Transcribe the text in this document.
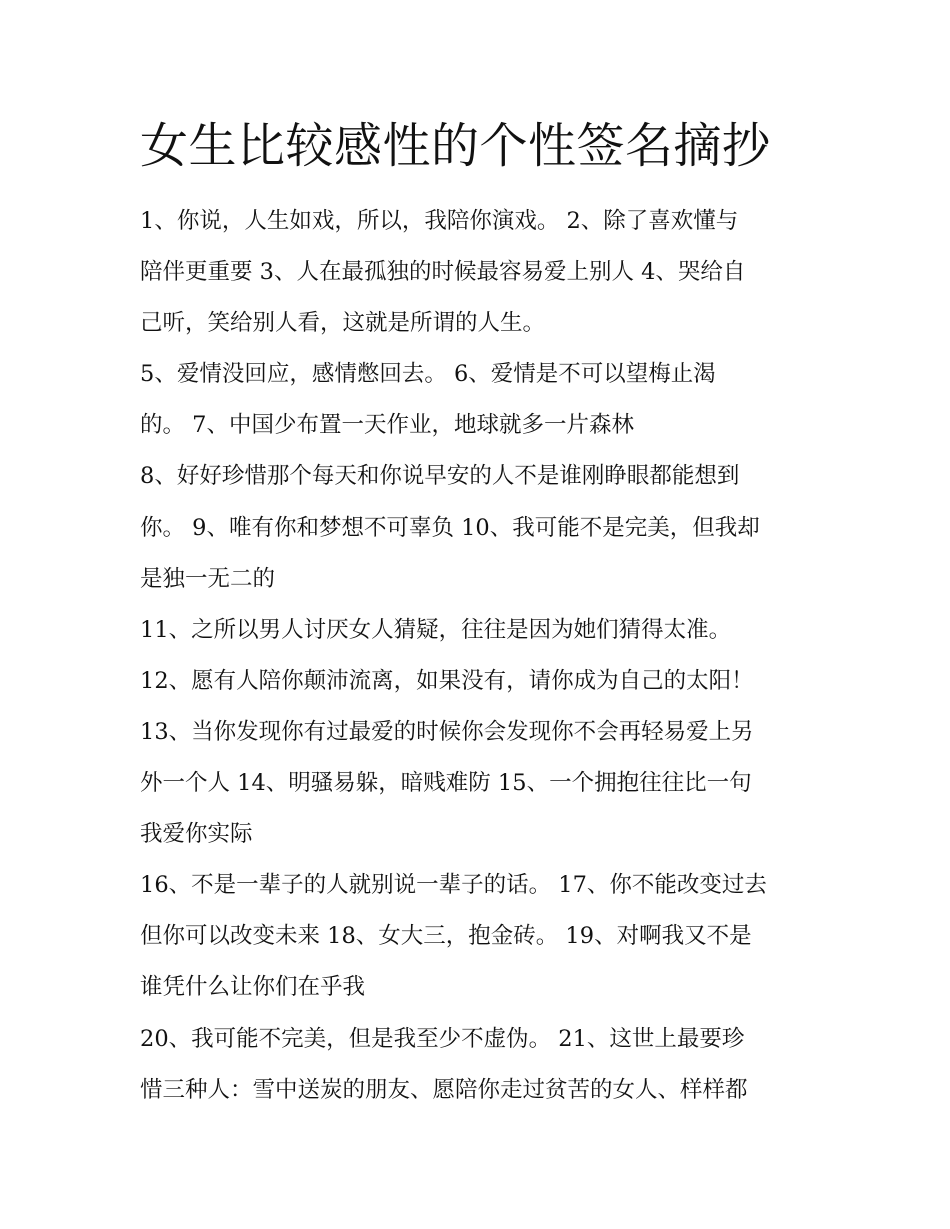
女生比较感性的个性签名摘抄
1、你说，人生如戏，所以，我陪你演戏。 2、除了喜欢懂与
陪伴更重要 3、人在最孤独的时候最容易爱上别人 4、哭给自
己听，笑给别人看，这就是所谓的人生。
5、爱情没回应，感情憋回去。 6、爱情是不可以望梅止渴
的。 7、中国少布置一天作业，地球就多一片森林
8、好好珍惜那个每天和你说早安的人不是谁刚睁眼都能想到
你。 9、唯有你和梦想不可辜负 10、我可能不是完美，但我却
是独一无二的
11、之所以男人讨厌女人猜疑，往往是因为她们猜得太准。
12、愿有人陪你颠沛流离，如果没有，请你成为自己的太阳！
13、当你发现你有过最爱的时候你会发现你不会再轻易爱上另
外一个人 14、明骚易躲，暗贱难防 15、一个拥抱往往比一句
我爱你实际
16、不是一辈子的人就别说一辈子的话。 17、你不能改变过去
但你可以改变未来 18、女大三，抱金砖。 19、对啊我又不是
谁凭什么让你们在乎我
20、我可能不完美，但是我至少不虚伪。 21、这世上最要珍
惜三种人：雪中送炭的朋友、愿陪你走过贫苦的女人、样样都
